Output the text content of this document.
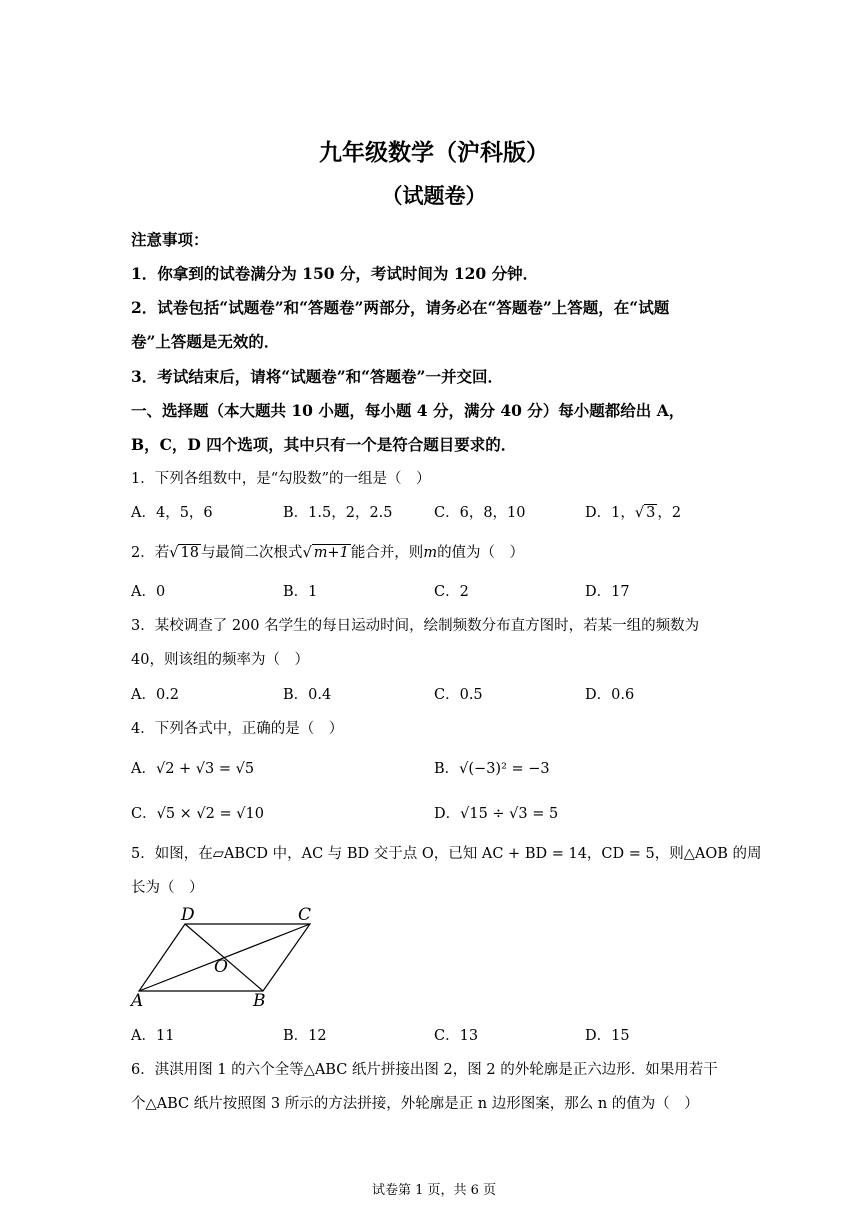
九年级数学（沪科版）
（试题卷）
注意事项：
1．你拿到的试卷满分为 150 分，考试时间为 120 分钟．
2．试卷包括“试题卷”和“答题卷”两部分，请务必在“答题卷”上答题，在“试题
卷”上答题是无效的．
3．考试结束后，请将“试题卷”和“答题卷”一并交回．
一、选择题（本大题共 10 小题，每小题 4 分，满分 40 分）每小题都给出 A，
B，C，D 四个选项，其中只有一个是符合题目要求的．
1．下列各组数中，是“勾股数”的一组是（　）
A．4，5，6	B．1.5，2，2.5	C．6，8，10	D．1，√ 3 ，2
2．若√ 18 与最简二次根式√ m+1 能合并，则m的值为（　）
A．0	B．1	C．2	D．17
3．某校调查了 200 名学生的每日运动时间，绘制频数分布直方图时，若某一组的频数为
40，则该组的频率为（　）
A．0.2	B．0.4	C．0.5	D．0.6
4．下列各式中，正确的是（　）
A．√2 + √3 = √5	B．√(−3)² = −3
C．√5 × √2 = √10	D．√15 ÷ √3 = 5
5．如图，在▱ABCD 中，AC 与 BD 交于点 O，已知 AC + BD = 14，CD = 5，则△AOB 的周
长为（　）
D	C
O
A	B
A．11	B．12	C．13	D．15
6．淇淇用图 1 的六个全等△ABC 纸片拼接出图 2，图 2 的外轮廓是正六边形．如果用若干
个△ABC 纸片按照图 3 所示的方法拼接，外轮廓是正 n 边形图案，那么 n 的值为（　）
试卷第 1 页，共 6 页
